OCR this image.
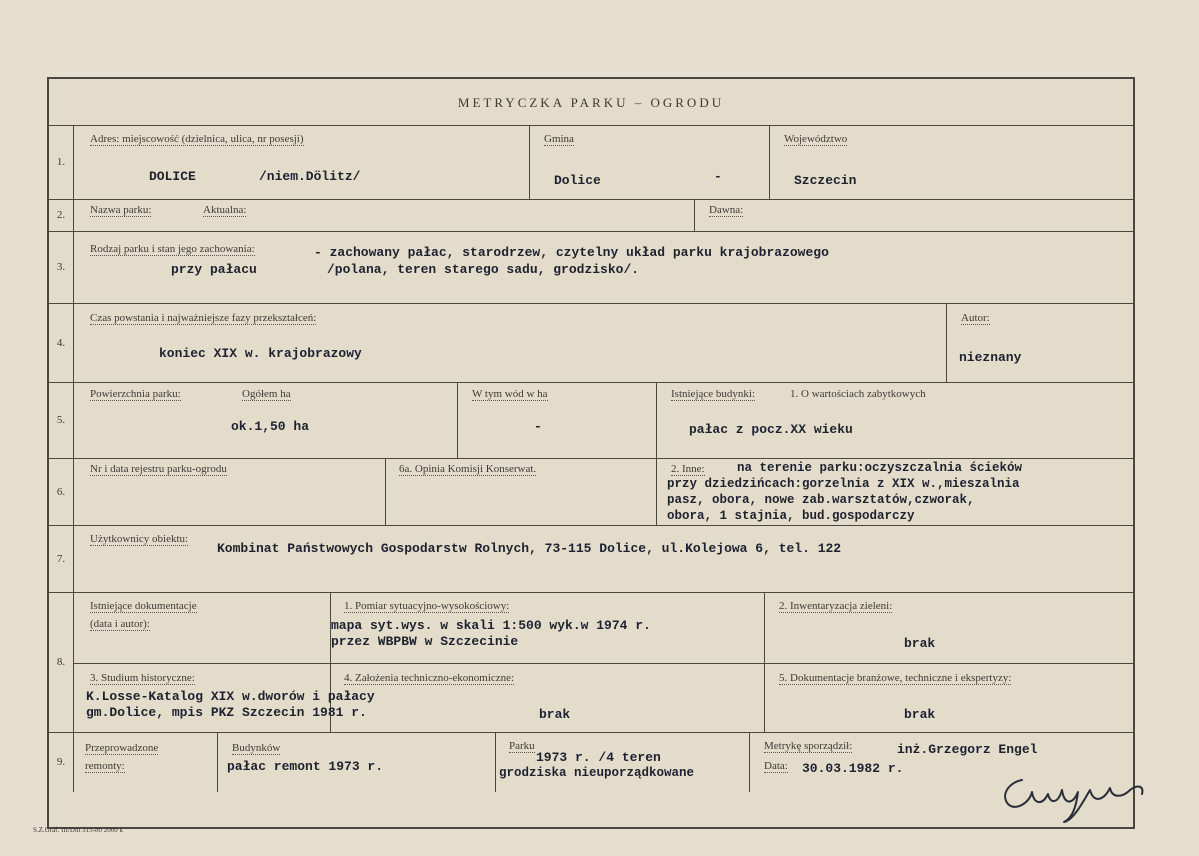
METRYCZKA PARKU – OGRODU
1.
Adres: miejscowość (dzielnica, ulica, nr posesji)
DOLICE	/niem.Dölitz/
Gmina
Dolice	-
Województwo
Szczecin
2.	Nazwa parku:	Aktualna:	Dawna:
3.
Rodzaj parku i stan jego zachowania:	- zachowany pałac, starodrzew, czytelny układ parku krajobrazowego
przy pałacu	/polana, teren starego sadu, grodzisko/.
4.
Czas powstania i najważniejsze fazy przekształceń:
koniec XIX w. krajobrazowy
Autor:
nieznany
5.
Powierzchnia parku:	Ogółem ha
ok.1,50 ha
W tym wód w ha
-
Istniejące budynki:	1. O wartościach zabytkowych
pałac z pocz.XX wieku
6.
Nr i data rejestru parku-ogrodu	6a. Opinia Komisji Konserwat.	2. Inne:	na terenie parku:oczyszczalnia ścieków
przy dziedzińcach:gorzelnia z XIX w.,mieszalnia
pasz, obora, nowe zab.warsztatów,czworak,
obora, 1 stajnia, bud.gospodarczy
7.
Użytkownicy obiektu:
Kombinat Państwowych Gospodarstw Rolnych, 73-115 Dolice, ul.Kolejowa 6, tel. 122
8.
Istniejące dokumentacje
(data i autor):
1. Pomiar sytuacyjno-wysokościowy:
mapa syt.wys. w skali 1:500 wyk.w 1974 r.
przez WBPBW w Szczecinie
2. Inwentaryzacja zieleni:
brak
3. Studium historyczne:
K.Losse-Katalog XIX w.dworów i pałacy
gm.Dolice, mpis PKZ Szczecin 1981 r.
4. Założenia techniczno-ekonomiczne:
brak
5. Dokumentacje branżowe, techniczne i ekspertyzy:
brak
9.
Przeprowadzone
remonty:
Budynków
pałac remont 1973 r.
Parku
1973 r. /4 teren
grodziska nieuporządkowane
Metrykę sporządził:	inż.Grzegorz Engel
Data: 30.03.1982 r.
S.Z.Graf. III/Dm 315-80 2000 k
